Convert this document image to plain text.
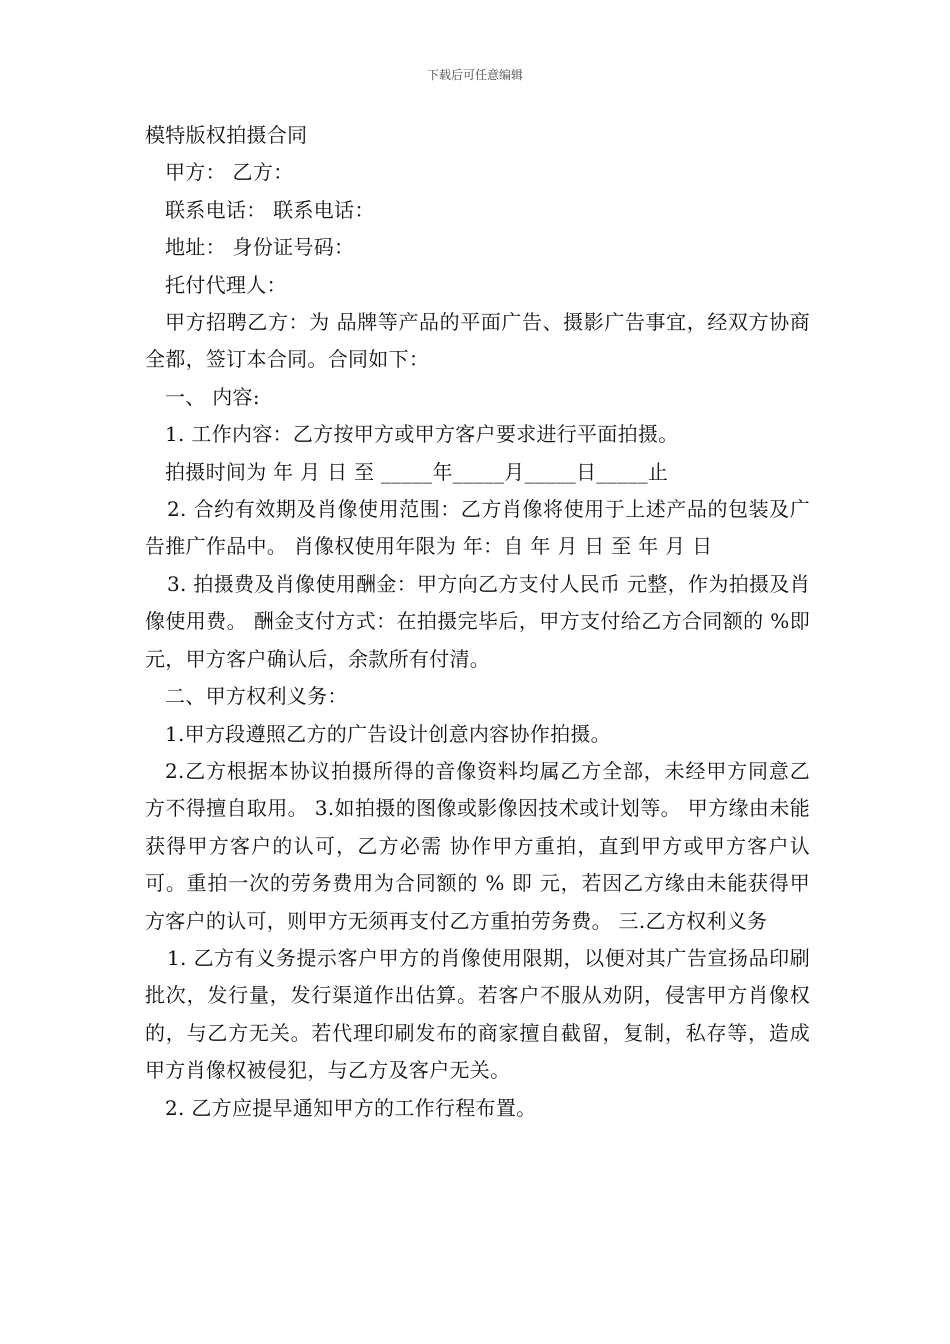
下载后可任意编辑

模特版权拍摄合同

甲方： 乙方：

联系电话： 联系电话：

地址： 身份证号码：

托付代理人：

甲方招聘乙方：为 品牌等产品的平面广告、摄影广告事宜，经双方协商全都，签订本合同。合同如下：

一、 内容:

1. 工作内容：乙方按甲方或甲方客户要求进行平面拍摄。

拍摄时间为 年 月 日 至 _____年_____月_____日_____止

2. 合约有效期及肖像使用范围：乙方肖像将使用于上述产品的包装及广告推广作品中。 肖像权使用年限为 年：自 年 月 日 至 年 月 日

3. 拍摄费及肖像使用酬金：甲方向乙方支付人民币 元整，作为拍摄及肖像使用费。 酬金支付方式：在拍摄完毕后，甲方支付给乙方合同额的 %即 元，甲方客户确认后，余款所有付清。

二、甲方权利义务：

1.甲方段遵照乙方的广告设计创意内容协作拍摄。

2.乙方根据本协议拍摄所得的音像资料均属乙方全部，未经甲方同意乙方不得擅自取用。 3.如拍摄的图像或影像因技术或计划等。 甲方缘由未能获得甲方客户的认可，乙方必需 协作甲方重拍，直到甲方或甲方客户认可。重拍一次的劳务费用为合同额的 % 即 元，若因乙方缘由未能获得甲方客户的认可，则甲方无须再支付乙方重拍劳务费。 三.乙方权利义务

1. 乙方有义务提示客户甲方的肖像使用限期，以便对其广告宣扬品印刷批次，发行量，发行渠道作出估算。若客户不服从劝阴，侵害甲方肖像权的，与乙方无关。若代理印刷发布的商家擅自截留，复制，私存等，造成甲方肖像权被侵犯，与乙方及客户无关。

2. 乙方应提早通知甲方的工作行程布置。
